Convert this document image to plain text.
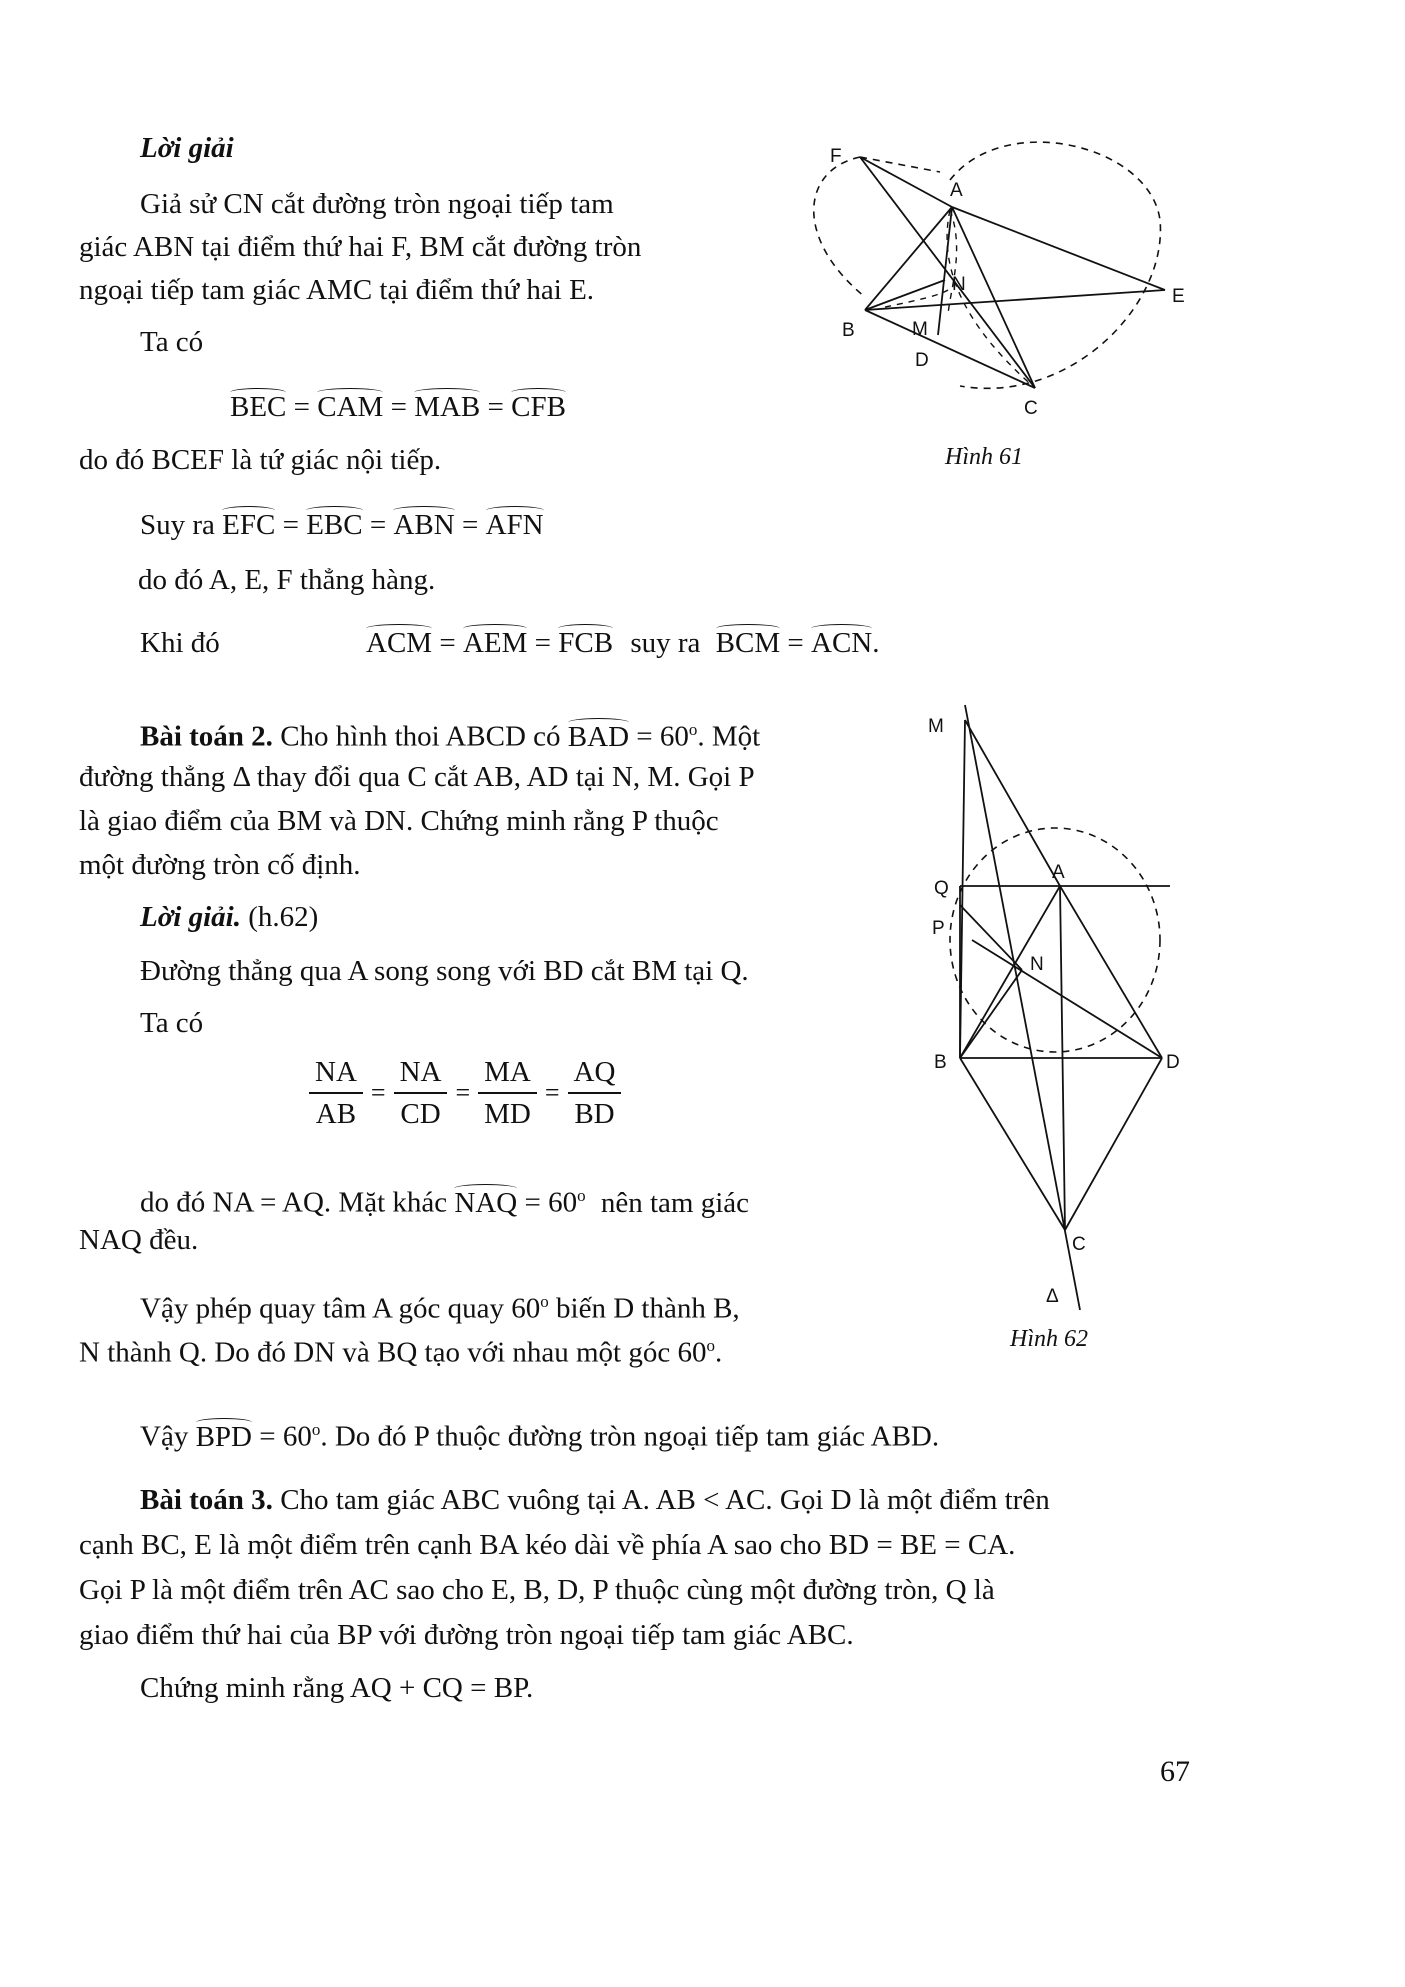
Lời giải
Giả sử CN cắt đường tròn ngoại tiếp tam
giác ABN tại điểm thứ hai F, BM cắt đường tròn
ngoại tiếp tam giác AMC tại điểm thứ hai E.
Ta có
BEC = CAM = MAB = CFB
do đó BCEF là tứ giác nội tiếp.
Suy ra EFC = EBC = ABN = AFN
do đó A, E, F thẳng hàng.
Khi đó	ACM = AEM = FCB suy ra BCM = ACN.
F
A
N
E
B	M
D
C
Hình 61
Bài toán 2. Cho hình thoi ABCD có BAD = $60^o$. Một
đường thẳng Δ thay đổi qua C cắt AB, AD tại N, M. Gọi P
là giao điểm của BM và DN. Chứng minh rằng P thuộc
một đường tròn cố định.
Lời giải. (h.62)
Đường thẳng qua A song song với BD cắt BM tại Q.
Ta có
$\frac{NA}{AB} = \frac{NA}{CD} = \frac{MA}{MD} = \frac{AQ}{BD}$
do đó NA = AQ. Mặt khác NAQ = $60^o$ nên tam giác
NAQ đều.
Vậy phép quay tâm A góc quay 60$^o$ biến D thành B,
N thành Q. Do đó DN và BQ tạo với nhau một góc 60$^o$.
Vậy BPD = $60^o$. Do đó P thuộc đường tròn ngoại tiếp tam giác ABD.
M
Q
A
P
N
B	D
C
Δ
Hình 62
Bài toán 3. Cho tam giác ABC vuông tại A. AB < AC. Gọi D là một điểm trên
cạnh BC, E là một điểm trên cạnh BA kéo dài về phía A sao cho BD = BE = CA.
Gọi P là một điểm trên AC sao cho E, B, D, P thuộc cùng một đường tròn, Q là
giao điểm thứ hai của BP với đường tròn ngoại tiếp tam giác ABC.
Chứng minh rằng AQ + CQ = BP.
67
